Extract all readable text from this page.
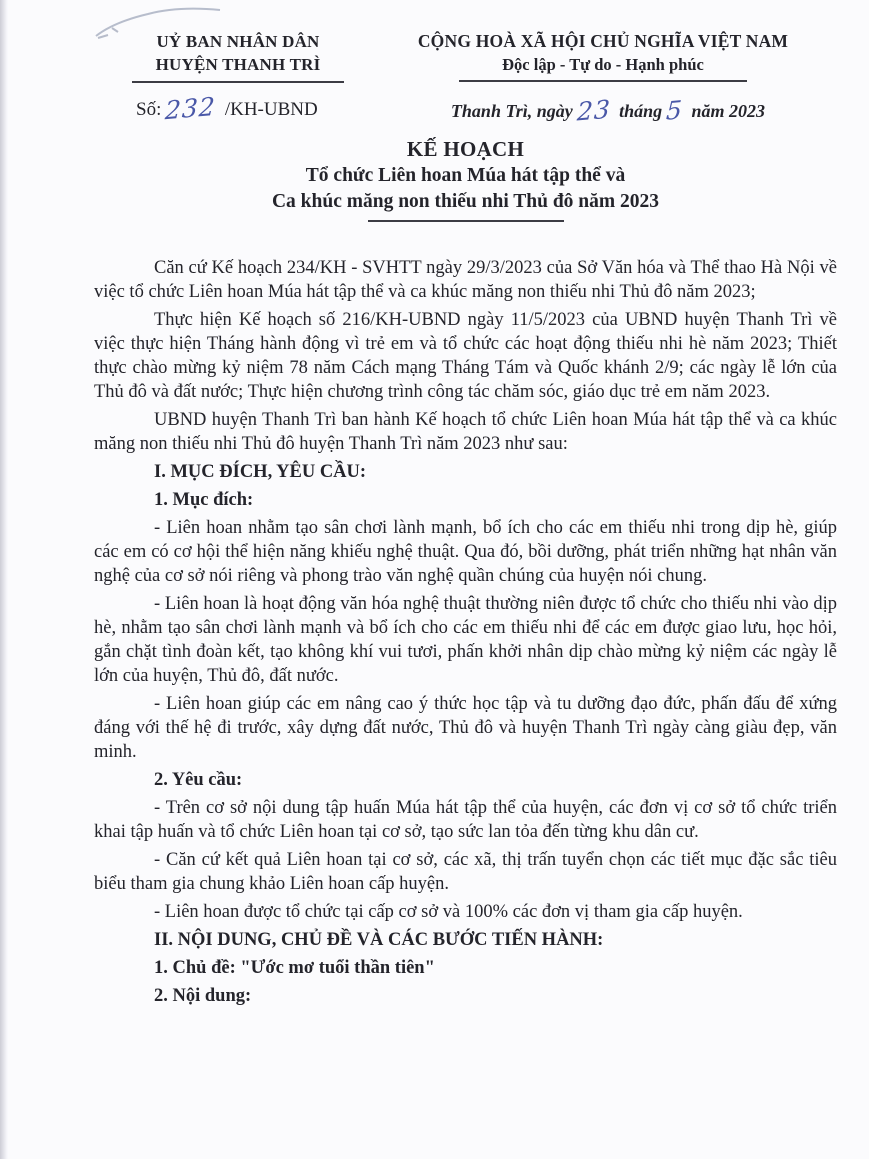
UỶ BAN NHÂN DÂN
HUYỆN THANH TRÌ
Số: 232 /KH-UBND
CỘNG HOÀ XÃ HỘI CHỦ NGHĨA VIỆT NAM
Độc lập - Tự do - Hạnh phúc
Thanh Trì, ngày 23 tháng 5 năm 2023
KẾ HOẠCH
Tổ chức Liên hoan Múa hát tập thể và
Ca khúc măng non thiếu nhi Thủ đô năm 2023

Căn cứ Kế hoạch 234/KH - SVHTT ngày 29/3/2023 của Sở Văn hóa và Thể thao Hà Nội về việc tổ chức Liên hoan Múa hát tập thể và ca khúc măng non thiếu nhi Thủ đô năm 2023;

Thực hiện Kế hoạch số 216/KH-UBND ngày 11/5/2023 của UBND huyện Thanh Trì về việc thực hiện Tháng hành động vì trẻ em và tổ chức các hoạt động thiếu nhi hè năm 2023; Thiết thực chào mừng kỷ niệm 78 năm Cách mạng Tháng Tám và Quốc khánh 2/9; các ngày lễ lớn của Thủ đô và đất nước; Thực hiện chương trình công tác chăm sóc, giáo dục trẻ em năm 2023.

UBND huyện Thanh Trì ban hành Kế hoạch tổ chức Liên hoan Múa hát tập thể và ca khúc măng non thiếu nhi Thủ đô huyện Thanh Trì năm 2023 như sau:

I. MỤC ĐÍCH, YÊU CẦU:

1. Mục đích:

- Liên hoan nhằm tạo sân chơi lành mạnh, bổ ích cho các em thiếu nhi trong dịp hè, giúp các em có cơ hội thể hiện năng khiếu nghệ thuật. Qua đó, bồi dưỡng, phát triển những hạt nhân văn nghệ của cơ sở nói riêng và phong trào văn nghệ quần chúng của huyện nói chung.

- Liên hoan là hoạt động văn hóa nghệ thuật thường niên được tổ chức cho thiếu nhi vào dịp hè, nhằm tạo sân chơi lành mạnh và bổ ích cho các em thiếu nhi để các em được giao lưu, học hỏi, gắn chặt tình đoàn kết, tạo không khí vui tươi, phấn khởi nhân dịp chào mừng kỷ niệm các ngày lễ lớn của huyện, Thủ đô, đất nước.

- Liên hoan giúp các em nâng cao ý thức học tập và tu dưỡng đạo đức, phấn đấu để xứng đáng với thế hệ đi trước, xây dựng đất nước, Thủ đô và huyện Thanh Trì ngày càng giàu đẹp, văn minh.

2. Yêu cầu:

- Trên cơ sở nội dung tập huấn Múa hát tập thể của huyện, các đơn vị cơ sở tổ chức triển khai tập huấn và tổ chức Liên hoan tại cơ sở, tạo sức lan tỏa đến từng khu dân cư.

- Căn cứ kết quả Liên hoan tại cơ sở, các xã, thị trấn tuyển chọn các tiết mục đặc sắc tiêu biểu tham gia chung khảo Liên hoan cấp huyện.

- Liên hoan được tổ chức tại cấp cơ sở và 100% các đơn vị tham gia cấp huyện.

II. NỘI DUNG, CHỦ ĐỀ VÀ CÁC BƯỚC TIẾN HÀNH:

1. Chủ đề: "Ước mơ tuổi thần tiên"

2. Nội dung:
